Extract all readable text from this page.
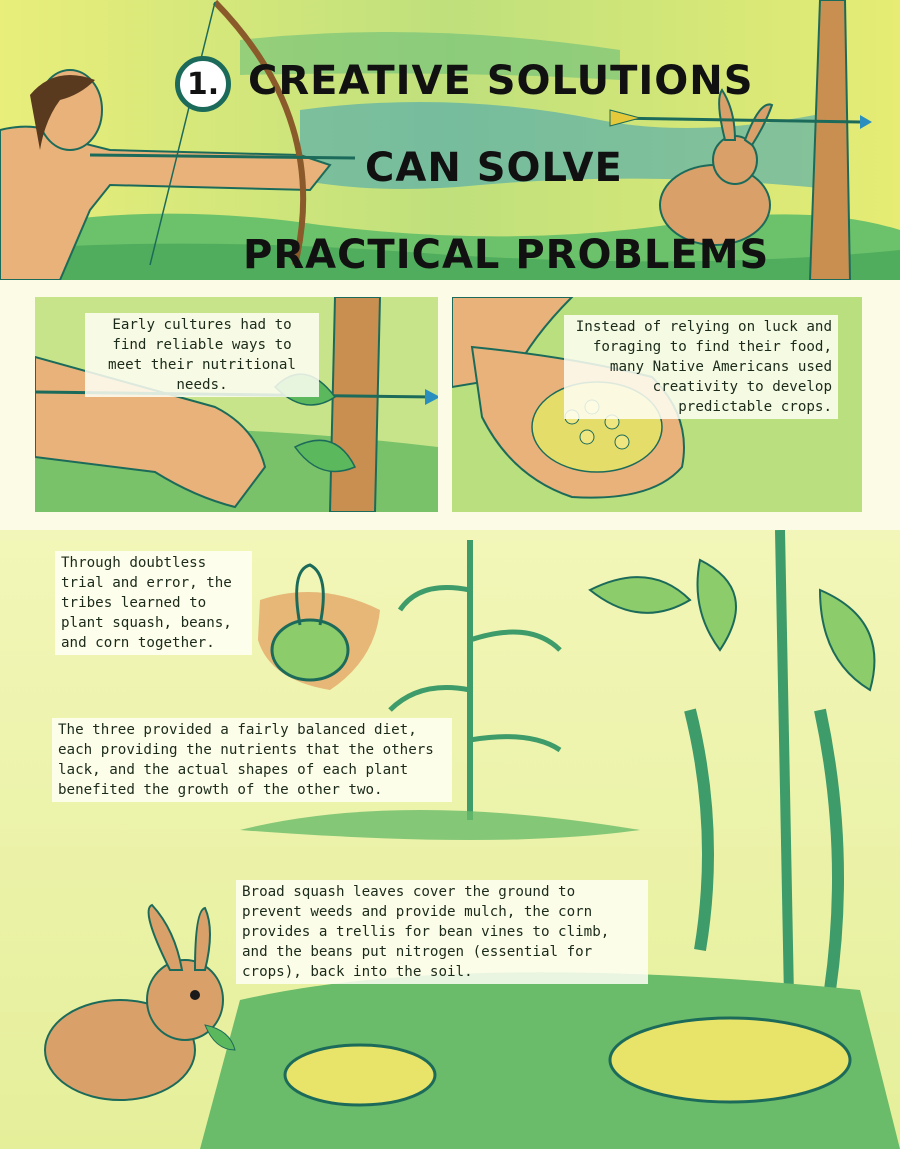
1. CREATIVE SOLUTIONS
CAN SOLVE
PRACTICAL PROBLEMS
Early cultures had to find reliable ways to meet their nutritional needs.
Instead of relying on luck and foraging to find their food, many Native Americans used creativity to develop predictable crops.
Through doubtless trial and error, the tribes learned to plant squash, beans, and corn together.
The three provided a fairly balanced diet, each providing the nutrients that the others lack, and the actual shapes of each plant benefited the growth of the other two.
Broad squash leaves cover the ground to prevent weeds and provide mulch, the corn provides a trellis for bean vines to climb, and the beans put nitrogen (essential for crops), back into the soil.
